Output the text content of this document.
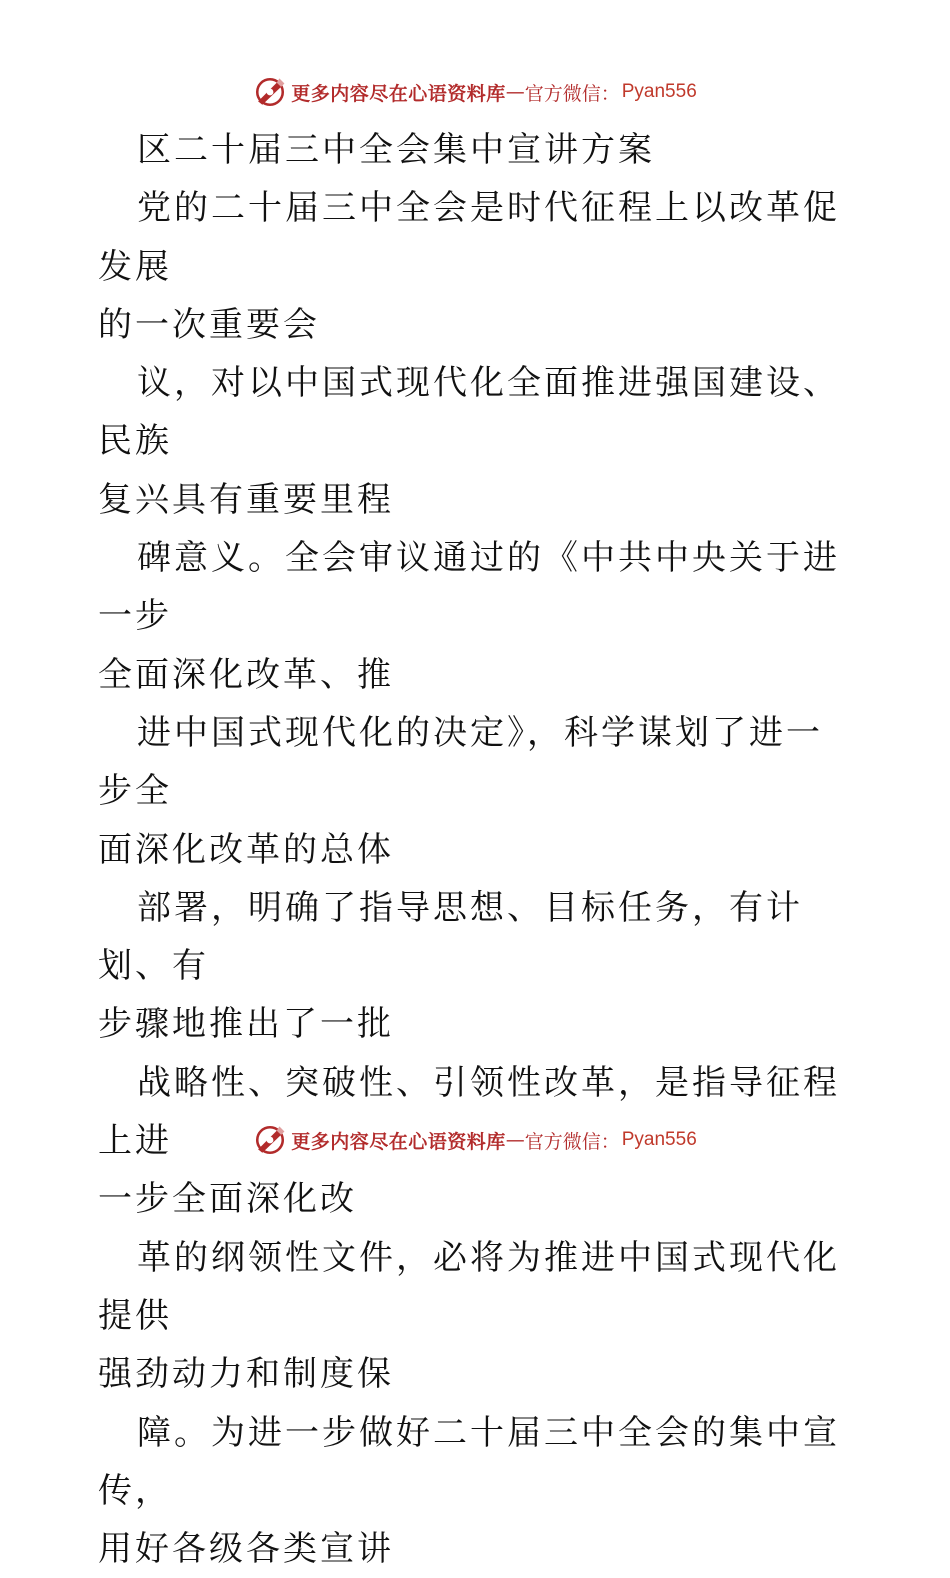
更多内容尽在心语资料库 — 官方微信： Pyan556

区二十届三中全会集中宣讲方案

党的二十届三中全会是时代征程上以改革促发展

的一次重要会

议，对以中国式现代化全面推进强国建设、民族

复兴具有重要里程

碑意义。全会审议通过的《中共中央关于进一步

全面深化改革、推

进中国式现代化的决定》，科学谋划了进一步全

面深化改革的总体

部署，明确了指导思想、目标任务，有计划、有

步骤地推出了一批

战略性、突破性、引领性改革，是指导征程上进

一步全面深化改

革的纲领性文件，必将为推进中国式现代化提供

强劲动力和制度保

障。为进一步做好二十届三中全会的集中宣传，

用好各级各类宣讲

更多内容尽在心语资料库 — 官方微信： Pyan556
